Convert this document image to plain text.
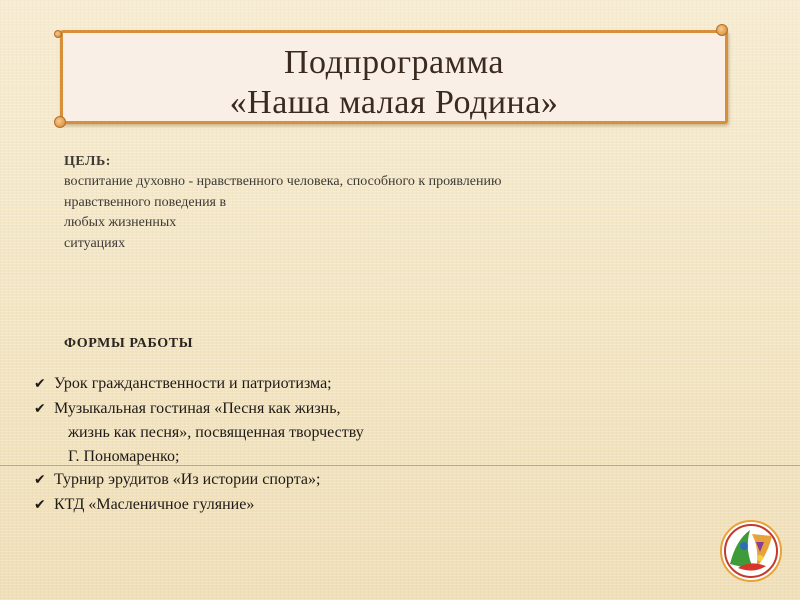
Подпрограмма
«Наша малая Родина»
ЦЕЛЬ:
воспитание духовно - нравственного человека, способного к проявлению
нравственного поведения в
любых жизненных
ситуациях
ФОРМЫ РАБОТЫ
✔ Урок гражданственности и патриотизма;
✔ Музыкальная гостиная «Песня как жизнь,
жизнь как песня», посвященная творчеству
Г. Пономаренко;
✔ Турнир эрудитов «Из истории спорта»;
✔ КТД «Масленичное гуляние»
